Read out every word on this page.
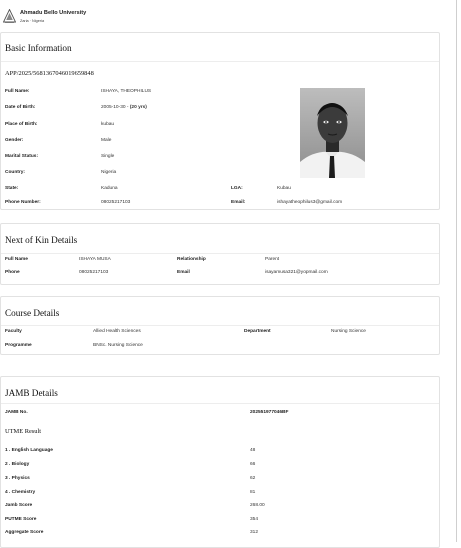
Ahmadu Bello University
Zaria · Nigeria
Basic Information
APP/2025/5681367046019659848
Full Name:	ISHAYA, THEOPHILUS
Date of Birth:	2005-10-30 - (20 yrs)
Place of Birth:	kubau
Gender:	Male
Marital Status:	Single
Country:	Nigeria
State:	Kaduna	LGA:	Kubau
Phone Number:	08025217103	Email:	ishayatheophilus3@gmail.com
Next of Kin Details
Full Name	ISHAYA MUSA	Relationship	Parent
Phone	08025217103	Email	isayamusa321@yopmail.com
Course Details
Faculty	Allied Health Sciences	Department	Nursing Science
Programme	BNSc. Nursing Science
JAMB Details
JAMB No.	202551977046BF
UTME Result
1 . English Language	48
2 . Biology	66
3 . Physics	62
4 . Chemistry	81
Jamb Score	268.00
PUTME Score	354
Aggregate Score	312
